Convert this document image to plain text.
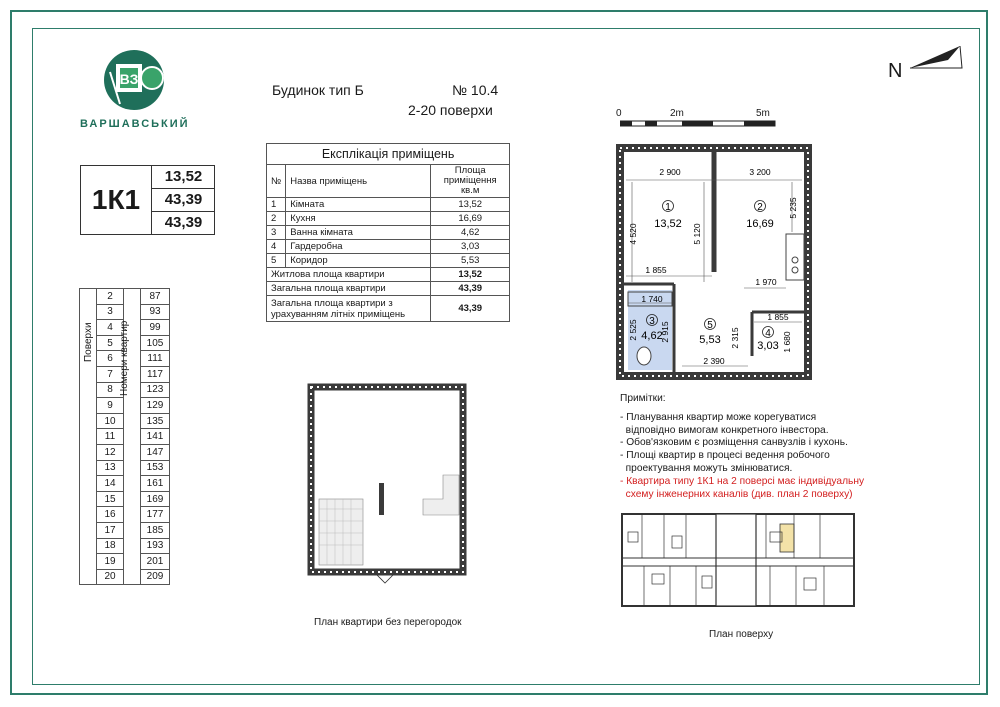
ВЗ
ВАРШАВСЬКИЙ
Будинок тип Б	№ 10.4
2-20 поверхи
1К1
13,52
43,39
43,39
Експлікація приміщень		
№	Назва приміщень	Площа приміщення кв.м
1	Кімната	13,52
2	Кухня	16,69
3	Ванна кімната	4,62
4	Гардеробна	3,03
5	Коридор	5,53
Житлова площа квартири		13,52
Загальна площа квартири		43,39
Загальна площа квартири з урахуванням літніх приміщень		43,39
	2		87
	3		93
	4		99
	5		105
	6		111
	7		117
	8		123
	9		129
	10		135
	11		141
	12		147
	13		153
	14		161
	15		169
	16		177
	17		185
	18		193
	19		201
	20		209
Поверхи	Номери квартир
N
0	2m	5m
2 900	3 200
4 520	5 120
5 235
1 855
1 970
1 740
2 525	2 915
1 855
1 680
2 315
2 390
1
13,52
2
16,69
3
4,62	4
3,03
5
5,53
Примітки:
- Планування квартир може корегуватися
відповідно вимогам конкретного інвестора.
- Обов'язковим є розміщення санвузлів і кухонь.
- Площі квартир в процесі ведення робочого
проектування можуть змінюватися.
- Квартира типу 1К1 на 2 поверсі має індивідуальну
схему інженерних каналів (див. план 2 поверху)
План квартири без перегородок
План поверху
